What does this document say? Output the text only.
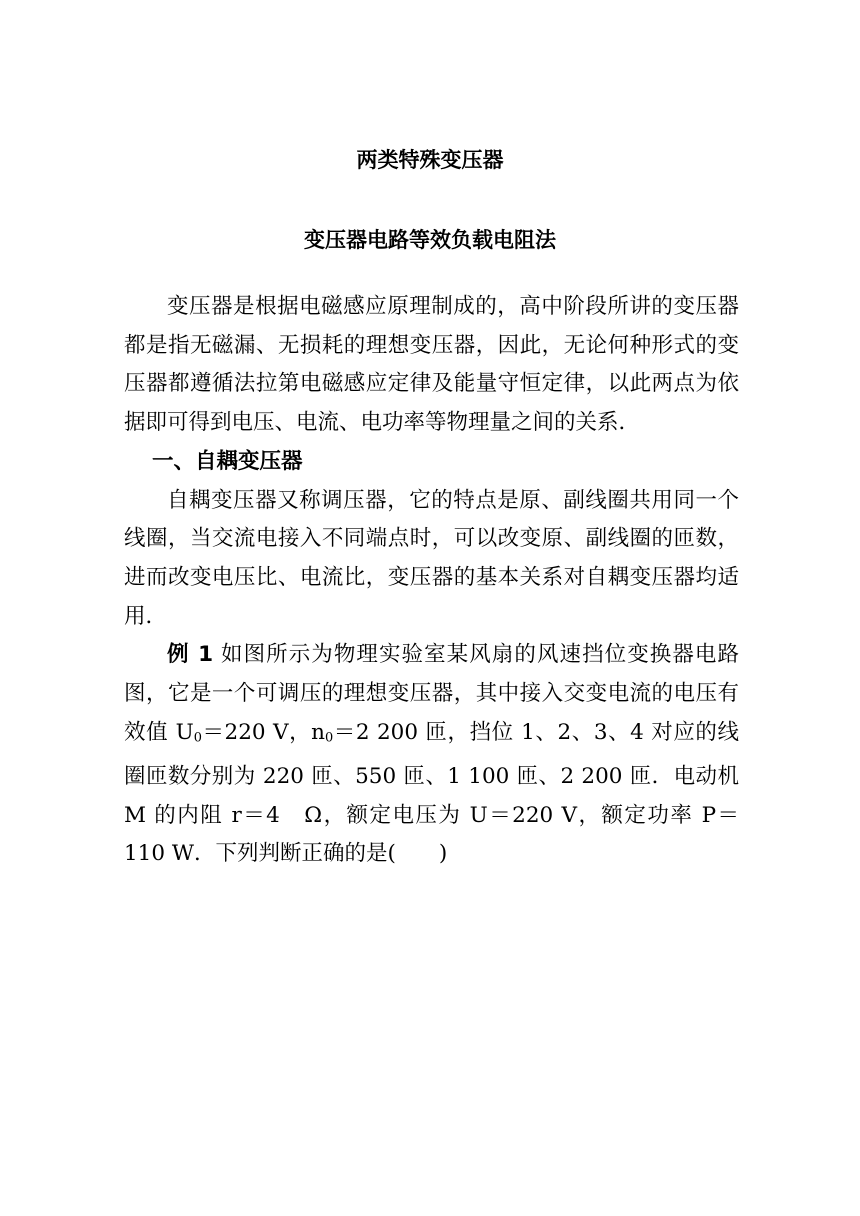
两类特殊变压器
变压器电路等效负载电阻法

变压器是根据电磁感应原理制成的，高中阶段所讲的变压器都是指无磁漏、无损耗的理想变压器，因此，无论何种形式的变压器都遵循法拉第电磁感应定律及能量守恒定律，以此两点为依据即可得到电压、电流、电功率等物理量之间的关系．

一、自耦变压器

自耦变压器又称调压器，它的特点是原、副线圈共用同一个线圈，当交流电接入不同端点时，可以改变原、副线圈的匝数，进而改变电压比、电流比，变压器的基本关系对自耦变压器均适用．

例 1 如图所示为物理实验室某风扇的风速挡位变换器电路图，它是一个可调压的理想变压器，其中接入交变电流的电压有效值 $U_0=220$ V，$n_0=2$ 200 匝，挡位 1、2、3、4 对应的线圈匝数分别为 220 匝、550 匝、1 100 匝、2 200 匝．电动机 M 的内阻 r＝4　Ω，额定电压为 U＝220 V，额定功率 P＝110 W．下列判断正确的是(　　)
